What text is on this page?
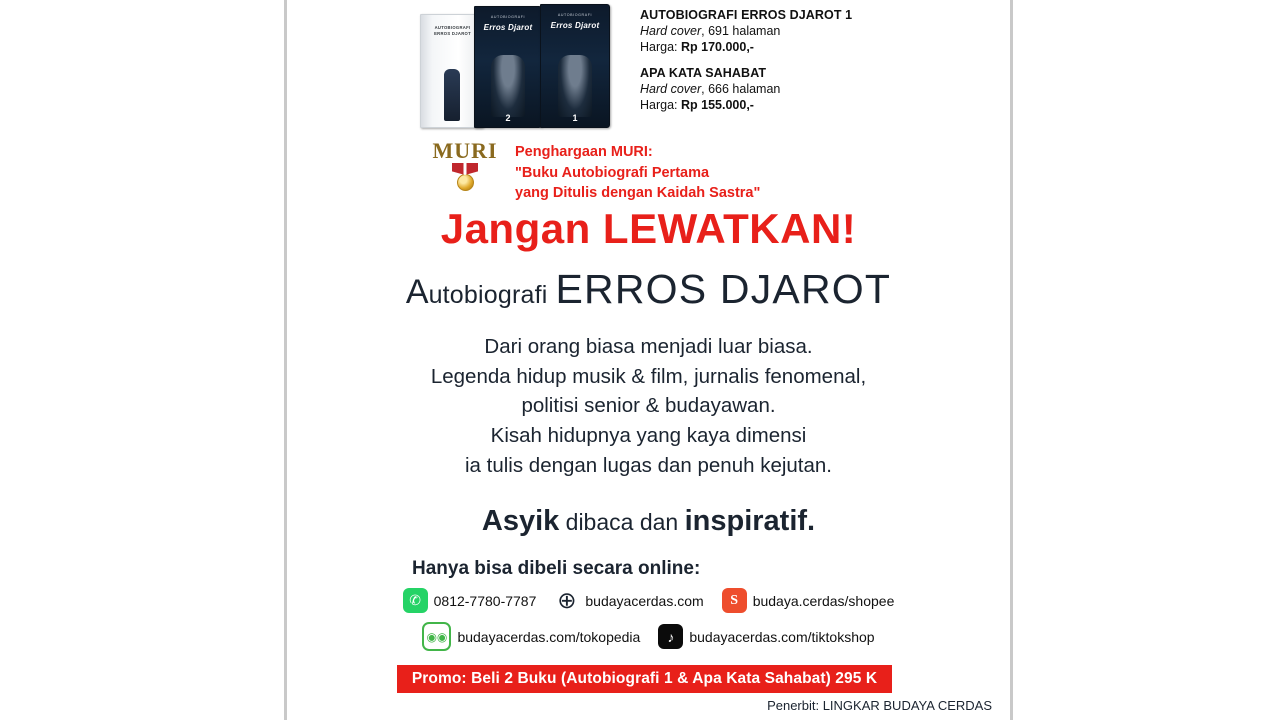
AUTOBIOGRAFI ERROS DJAROT
AUTOBIOGRAFI
Erros Djarot
2
AUTOBIOGRAFI
Erros Djarot
1

AUTOBIOGRAFI ERROS DJAROT 1

Hard cover, 691 halaman

Harga: Rp 170.000,-

APA KATA SAHABAT

Hard cover, 666 halaman

Harga: Rp 155.000,-

MURI	Penghargaan MURI:
"Buku Autobiografi Pertama
yang Ditulis dengan Kaidah Sastra"
Jangan LEWATKAN!
Autobiografi ERROS DJAROT
Dari orang biasa menjadi luar biasa.
Legenda hidup musik & film, jurnalis fenomenal,
politisi senior & budayawan.
Kisah hidupnya yang kaya dimensi
ia tulis dengan lugas dan penuh kejutan.
Asyik dibaca dan inspiratif.
Hanya bisa dibeli secara online:
✆ 0812-7780-7787 ⊕ budayacerdas.com	S	budaya.cerdas/shopee
◉◉ budayacerdas.com/tokopedia	♪	budayacerdas.com/tiktokshop
Promo: Beli 2 Buku (Autobiografi 1 & Apa Kata Sahabat) 295 K
Penerbit: LINGKAR BUDAYA CERDAS
